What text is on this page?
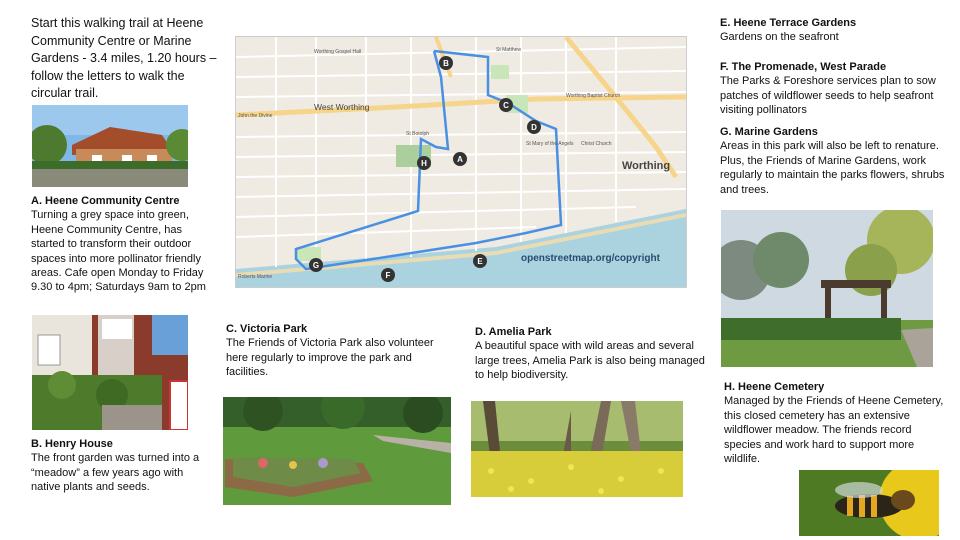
Start this walking trail at Heene Community Centre or Marine Gardens - 3.4 miles, 1.20 hours – follow the letters to walk the circular trail.
A. Heene Community Centre
Turning a grey space into green, Heene Community Centre, has started to transform their outdoor spaces into more pollinator friendly areas. Cafe open Monday to Friday 9.30 to 4pm; Saturdays 9am to 2pm
B. Henry House
The front garden was turned into a “meadow” a few years ago with native plants and seeds.
West Worthing
Worthing
John the Divine
Worthing Gospel Hall	St Matthew
Worthing Baptist Church
St Botolph
St Mary of the Angels Christ Church
Roberts Marine
openstreetmap.org/copyright
B
C
D
A
H
E
F
G
C. Victoria Park
The Friends of Victoria Park also volunteer here regularly to improve the park and facilities.
D. Amelia Park
A beautiful space with wild areas and several large trees, Amelia Park is also being managed to help biodiversity.
E. Heene Terrace Gardens
Gardens on the seafront
F. The Promenade, West Parade
The Parks & Foreshore services plan to sow patches of wildflower seeds to help seafront visiting pollinators
G. Marine Gardens
Areas in this park will also be left to renature. Plus, the Friends of Marine Gardens, work regularly to maintain the parks flowers, shrubs and trees.
H. Heene Cemetery
Managed by the Friends of Heene Cemetery, this closed cemetery has an extensive wildflower meadow. The friends record species and work hard to support more wildlife.
